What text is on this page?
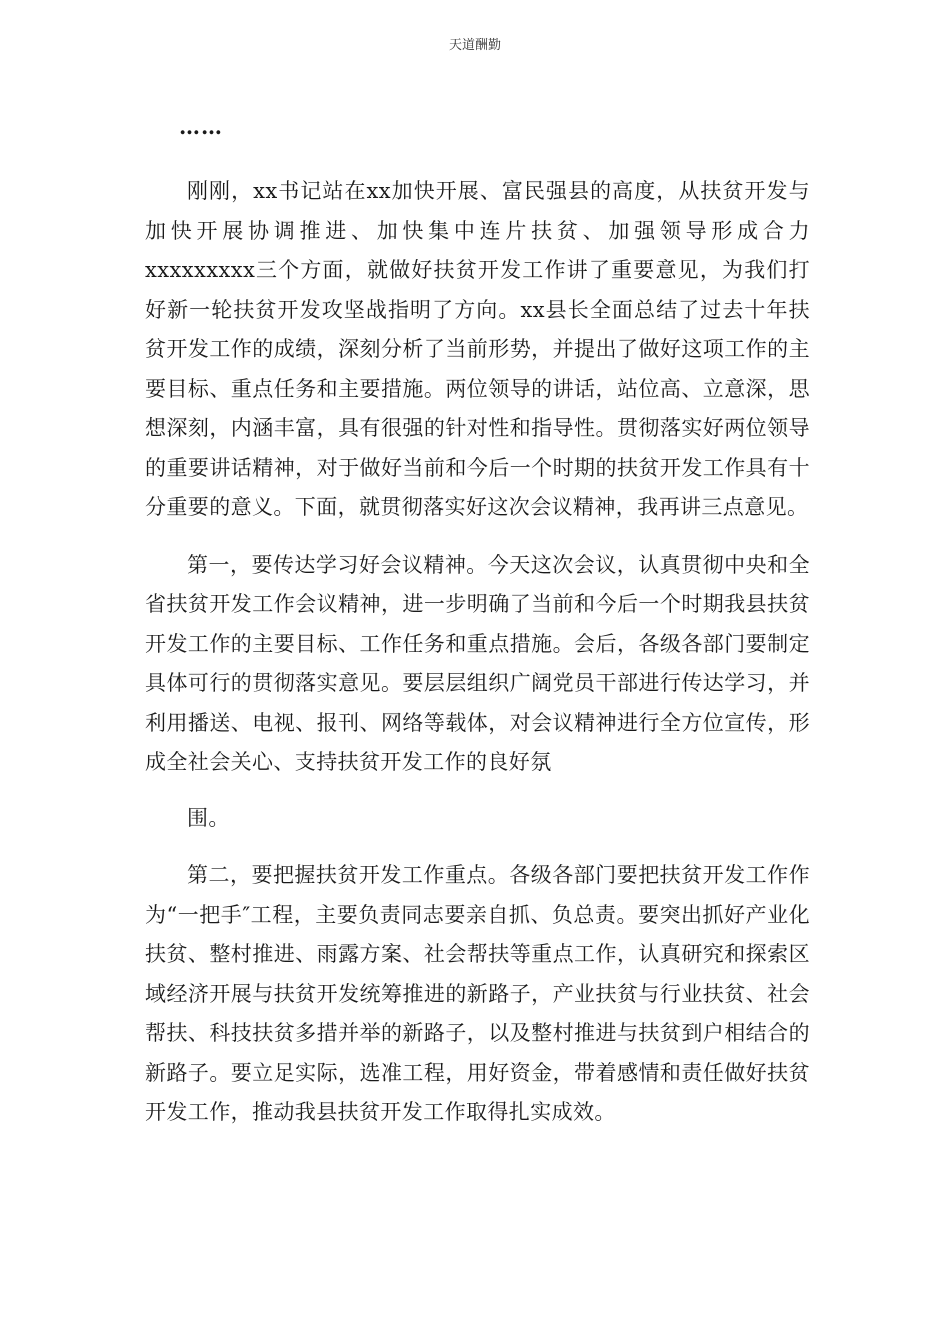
天道酬勤
……

刚刚，xx书记站在xx加快开展、富民强县的高度，从扶贫开发与加快开展协调推进、加快集中连片扶贫、加强领导形成合力xxxxxxxxx三个方面，就做好扶贫开发工作讲了重要意见，为我们打好新一轮扶贫开发攻坚战指明了方向。xx县长全面总结了过去十年扶贫开发工作的成绩，深刻分析了当前形势，并提出了做好这项工作的主要目标、重点任务和主要措施。两位领导的讲话，站位高、立意深，思想深刻，内涵丰富，具有很强的针对性和指导性。贯彻落实好两位领导的重要讲话精神，对于做好当前和今后一个时期的扶贫开发工作具有十分重要的意义。下面，就贯彻落实好这次会议精神，我再讲三点意见。

第一，要传达学习好会议精神。今天这次会议，认真贯彻中央和全省扶贫开发工作会议精神，进一步明确了当前和今后一个时期我县扶贫开发工作的主要目标、工作任务和重点措施。会后，各级各部门要制定具体可行的贯彻落实意见。要层层组织广阔党员干部进行传达学习，并利用播送、电视、报刊、网络等载体，对会议精神进行全方位宣传，形成全社会关心、支持扶贫开发工作的良好氛

围。

第二，要把握扶贫开发工作重点。各级各部门要把扶贫开发工作作为“一把手″工程，主要负责同志要亲自抓、负总责。要突出抓好产业化扶贫、整村推进、雨露方案、社会帮扶等重点工作，认真研究和探索区域经济开展与扶贫开发统筹推进的新路子，产业扶贫与行业扶贫、社会帮扶、科技扶贫多措并举的新路子，以及整村推进与扶贫到户相结合的新路子。要立足实际，选准工程，用好资金，带着感情和责任做好扶贫开发工作，推动我县扶贫开发工作取得扎实成效。
